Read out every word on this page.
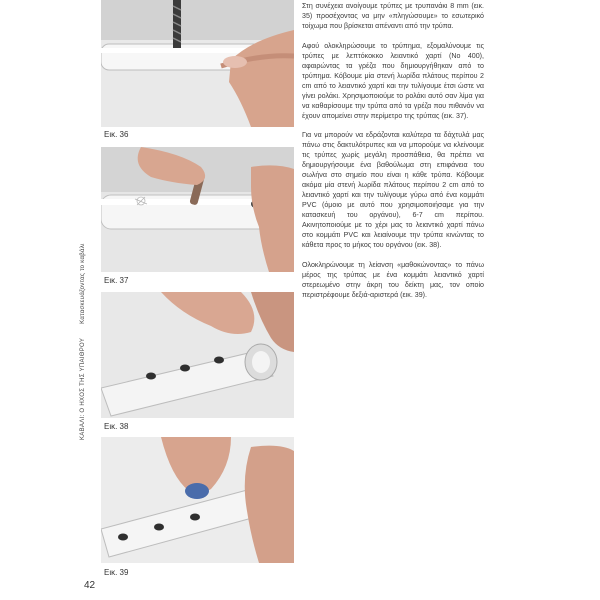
ΚΑΒΑΛΙ: Ο ΗΧΟΣ ΤΗΣ ΥΠΑΙΘΡΟΥ Κατασκευάζοντας το καβάλι
42
Εικ. 36
Εικ. 37
Εικ. 38
Εικ. 39

Στη συνέχεια ανοίγουμε τρύπες με τρυπανάκι 8 mm (εικ. 35) προσέχοντας να μην «πληγώσουμε» το εσωτερικό τοίχωμα που βρίσκεται απέναντι από την τρύπα.

Αφού ολοκληρώσουμε το τρύπημα, εξομαλύνουμε τις τρύπες με λεπτόκοκκο λειαντικό χαρτί (Νο 400), αφαιρώντας τα γρέζα που δημιουργήθηκαν από το τρύπημα. Κόβουμε μία στενή λωρίδα πλάτους περίπου 2 cm από το λειαντικό χαρτί και την τυλίγουμε έτσι ώστε να γίνει ρολάκι. Χρησιμοποιούμε το ρολάκι αυτό σαν λίμα για να καθαρίσουμε την τρύπα από τα γρέζα που πιθανόν να έχουν απομείνει στην περίμετρο της τρύπας (εικ. 37).

Για να μπορούν να εδράζονται καλύτερα τα δάχτυλά μας πάνω στις δακτυλότρυπες και να μπορούμε να κλείνουμε τις τρύπες χωρίς μεγάλη προσπάθεια, θα πρέπει να δημιουργήσουμε ένα βαθούλωμα στη επιφάνεια του σωλήνα στο σημείο που είναι η κάθε τρύπα. Κόβουμε ακόμα μία στενή λωρίδα πλάτους περίπου 2 cm από το λειαντικό χαρτί και την τυλίγουμε γύρω από ένα κομμάτι PVC (όμοιο με αυτό που χρησιμοποιήσαμε για την κατασκευή του οργάνου), 6-7 cm περίπου. Ακινητοποιούμε με το χέρι μας το λειαντικό χαρτί πάνω στο κομμάτι PVC και λειαίνουμε την τρύπα κινώντας το κάθετα προς το μήκος του οργάνου (εικ. 38).

Ολοκληρώνουμε τη λείανση «μαθοκώνοντας» το πάνω μέρος της τρύπας με ένα κομμάτι λειαντικό χαρτί στερεωμένο στην άκρη του δείκτη μας, τον οποίο περιστρέφουμε δεξιά-αριστερά (εικ. 39).
